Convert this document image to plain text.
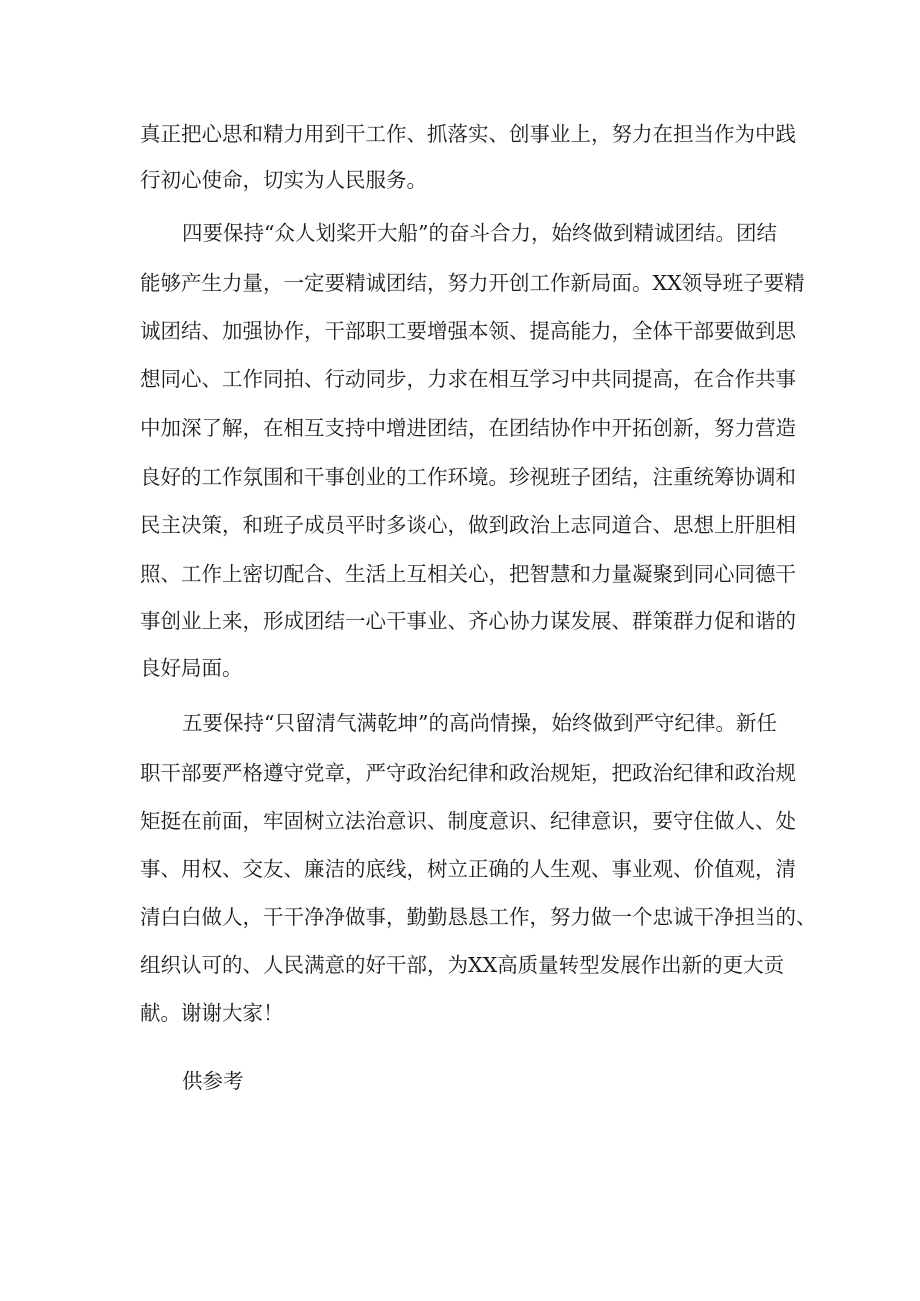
真正把心思和精力用到干工作、抓落实、创事业上，努力在担当作为中践
行初心使命，切实为人民服务。
四要保持“众人划桨开大船”的奋斗合力，始终做到精诚团结。团结
能够产生力量，一定要精诚团结，努力开创工作新局面。XX领导班子要精
诚团结、加强协作，干部职工要增强本领、提高能力，全体干部要做到思
想同心、工作同拍、行动同步，力求在相互学习中共同提高，在合作共事
中加深了解，在相互支持中增进团结，在团结协作中开拓创新，努力营造
良好的工作氛围和干事创业的工作环境。珍视班子团结，注重统筹协调和
民主决策，和班子成员平时多谈心，做到政治上志同道合、思想上肝胆相
照、工作上密切配合、生活上互相关心，把智慧和力量凝聚到同心同德干
事创业上来，形成团结一心干事业、齐心协力谋发展、群策群力促和谐的
良好局面。
五要保持“只留清气满乾坤”的高尚情操，始终做到严守纪律。新任
职干部要严格遵守党章，严守政治纪律和政治规矩，把政治纪律和政治规
矩挺在前面，牢固树立法治意识、制度意识、纪律意识，要守住做人、处
事、用权、交友、廉洁的底线，树立正确的人生观、事业观、价值观，清
清白白做人，干干净净做事，勤勤恳恳工作，努力做一个忠诚干净担当的、
组织认可的、人民满意的好干部，为XX高质量转型发展作出新的更大贡
献。谢谢大家！
供参考
